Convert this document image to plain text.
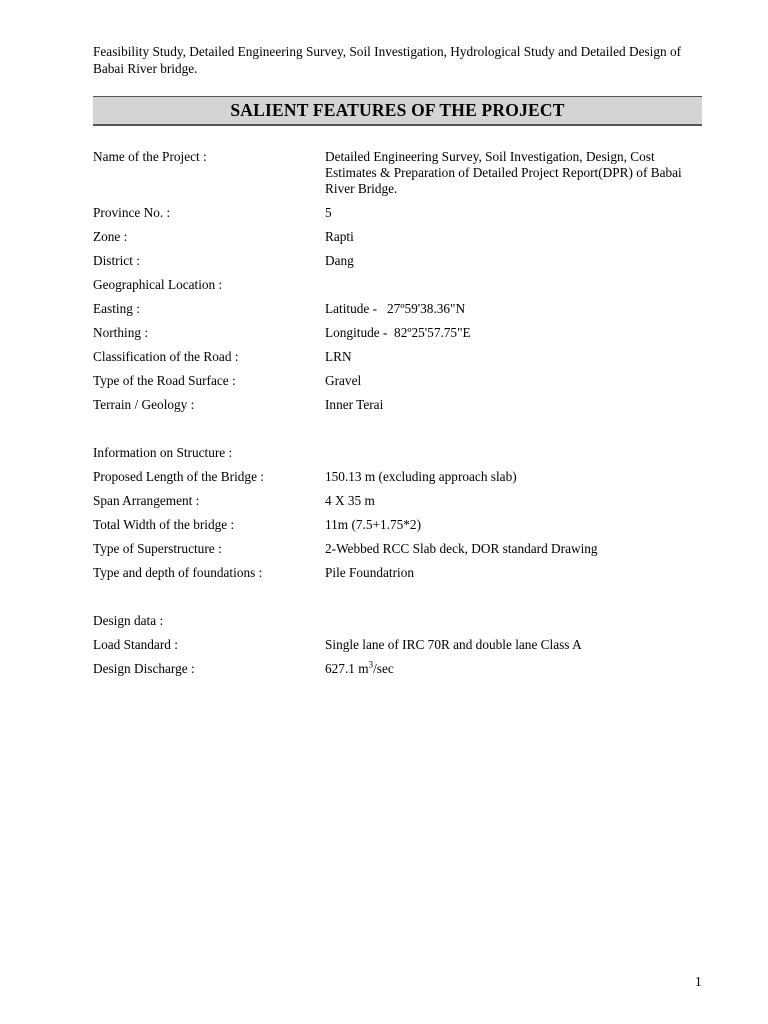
Feasibility Study, Detailed Engineering Survey, Soil Investigation, Hydrological Study and Detailed Design of Babai River bridge.
SALIENT FEATURES OF THE PROJECT
Name of the Project :	Detailed Engineering Survey, Soil Investigation, Design, Cost Estimates & Preparation of Detailed Project Report(DPR) of Babai River Bridge.
Province No. :	5
Zone :	Rapti
District :	Dang
Geographical Location :
Easting :	Latitude -   27º59'38.36"N
Northing :	Longitude -  82º25'57.75"E
Classification of the Road :	LRN
Type of the Road Surface :	Gravel
Terrain / Geology :	Inner Terai
Information on Structure :
Proposed Length of the Bridge :	150.13 m (excluding approach slab)
Span Arrangement :	4 X 35 m
Total Width of the bridge :	11m (7.5+1.75*2)
Type of Superstructure :	2-Webbed RCC Slab deck, DOR standard Drawing
Type and depth of foundations :	Pile Foundatrion
Design data :
Load Standard :	Single lane of IRC 70R and double lane Class A
Design Discharge :	627.1 $m^3/\sec$
1
